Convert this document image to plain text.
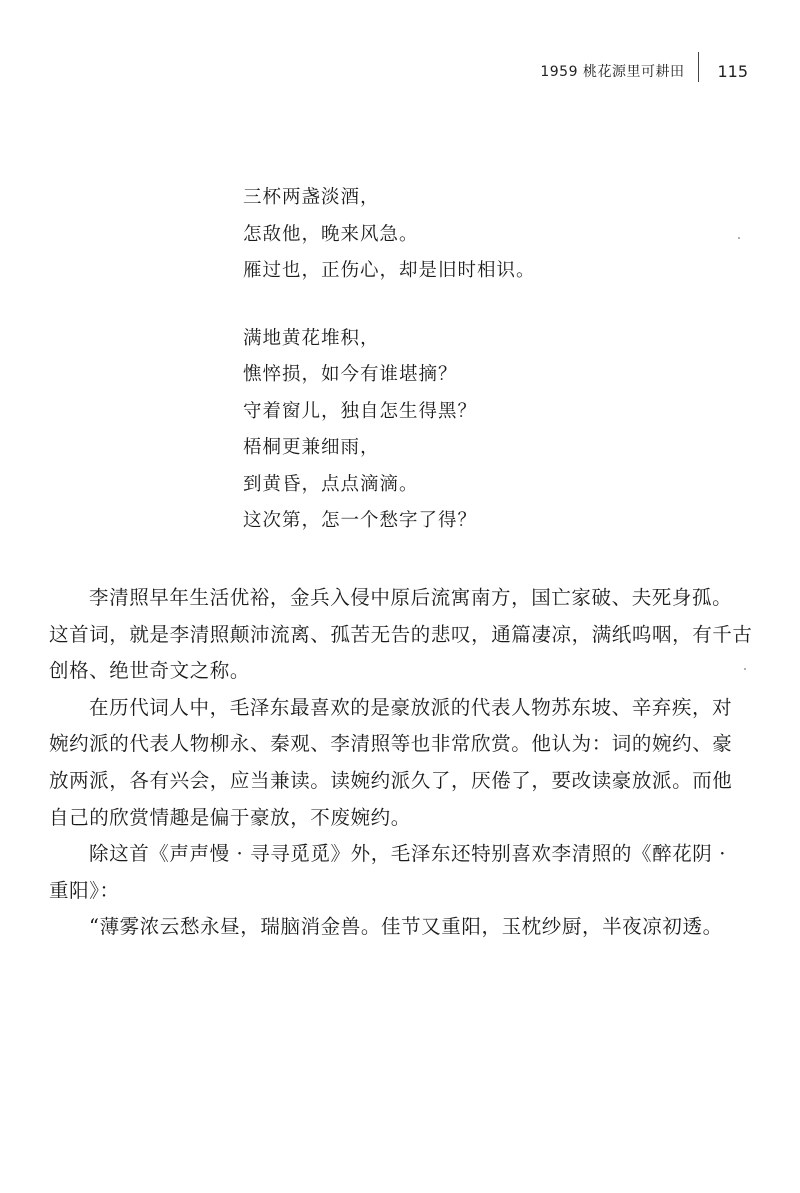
1959 桃花源里可耕田 115
三杯两盏淡酒，
怎敌他，晚来风急。
雁过也，正伤心，却是旧时相识。
满地黄花堆积，
憔悴损，如今有谁堪摘？
守着窗儿，独自怎生得黑？
梧桐更兼细雨，
到黄昏，点点滴滴。
这次第，怎一个愁字了得？
李清照早年生活优裕，金兵入侵中原后流寓南方，国亡家破、夫死身孤。
这首词，就是李清照颠沛流离、孤苦无告的悲叹，通篇凄凉，满纸呜咽，有千古
创格、绝世奇文之称。
在历代词人中，毛泽东最喜欢的是豪放派的代表人物苏东坡、辛弃疾，对
婉约派的代表人物柳永、秦观、李清照等也非常欣赏。他认为：词的婉约、豪
放两派，各有兴会，应当兼读。读婉约派久了，厌倦了，要改读豪放派。而他
自己的欣赏情趣是偏于豪放，不废婉约。
除这首《声声慢 · 寻寻觅觅》外，毛泽东还特别喜欢李清照的《醉花阴 ·
重阳》：
“薄雾浓云愁永昼，瑞脑消金兽。佳节又重阳，玉枕纱厨，半夜凉初透。
